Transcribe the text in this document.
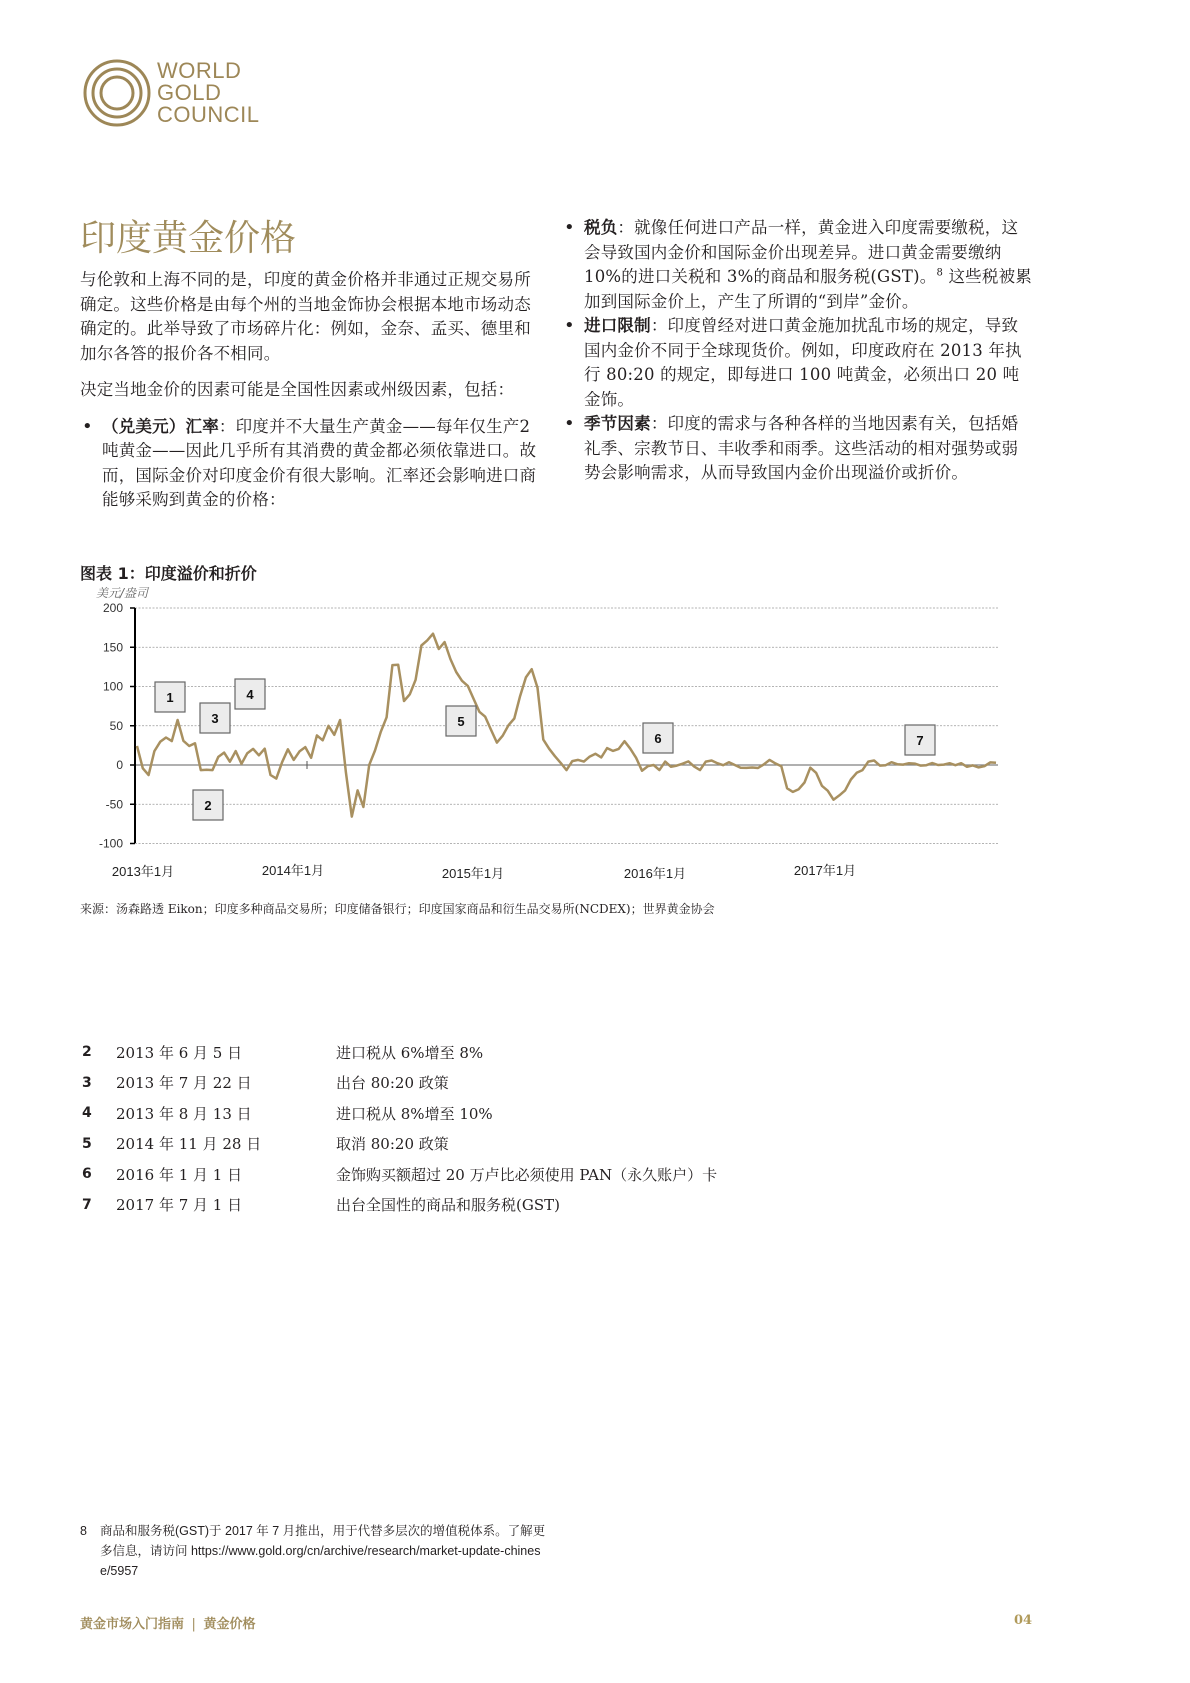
WORLD
GOLD
COUNCIL
印度黄金价格

与伦敦和上海不同的是，印度的黄金价格并非通过正规交易所确定。这些价格是由每个州的当地金饰协会根据本地市场动态确定的。此举导致了市场碎片化：例如，金奈、孟买、德里和加尔各答的报价各不相同。

决定当地金价的因素可能是全国性因素或州级因素，包括：

• （兑美元）汇率：印度并不大量生产黄金——每年仅生产2 吨黄金——因此几乎所有其消费的黄金都必须依靠进口。故而，国际金价对印度金价有很大影响。汇率还会影响进口商能够采购到黄金的价格：
• 税负：就像任何进口产品一样，黄金进入印度需要缴税，这会导致国内金价和国际金价出现差异。进口黄金需要缴纳 10%的进口关税和 3%的商品和服务税(GST)。$^8$ 这些税被累加到国际金价上，产生了所谓的“到岸”金价。
• 进口限制：印度曾经对进口黄金施加扰乱市场的规定，导致国内金价不同于全球现货价。例如，印度政府在 2013 年执行 80:20 的规定，即每进口 100 吨黄金，必须出口 20 吨金饰。
• 季节因素：印度的需求与各种各样的当地因素有关，包括婚礼季、宗教节日、丰收季和雨季。这些活动的相对强势或弱势会影响需求，从而导致国内金价出现溢价或折价。
图表 1：印度溢价和折价
美元/盎司
-100
-50
0
50
100
150
200
2013年1月	2014年1月	2015年1月	2016年1月	2017年1月
1
2
3
4
5
6	7
来源：汤森路透 Eikon；印度多种商品交易所；印度储备银行；印度国家商品和衍生品交易所(NCDEX)；世界黄金协会
2	2013 年 6 月 5 日	进口税从 6%增至 8%
3	2013 年 7 月 22 日	出台 80:20 政策
4	2013 年 8 月 13 日	进口税从 8%增至 10%
5	2014 年 11 月 28 日	取消 80:20 政策
6	2016 年 1 月 1 日	金饰购买额超过 20 万卢比必须使用 PAN（永久账户）卡
7	2017 年 7 月 1 日	出台全国性的商品和服务税(GST)
8 商品和服务税(GST)于 2017 年 7 月推出，用于代替多层次的增值税体系。了解更多信息，请访问 https://www.gold.org/cn/archive/research/market-update-chinese/5957
黄金市场入门指南 | 黄金价格	04
